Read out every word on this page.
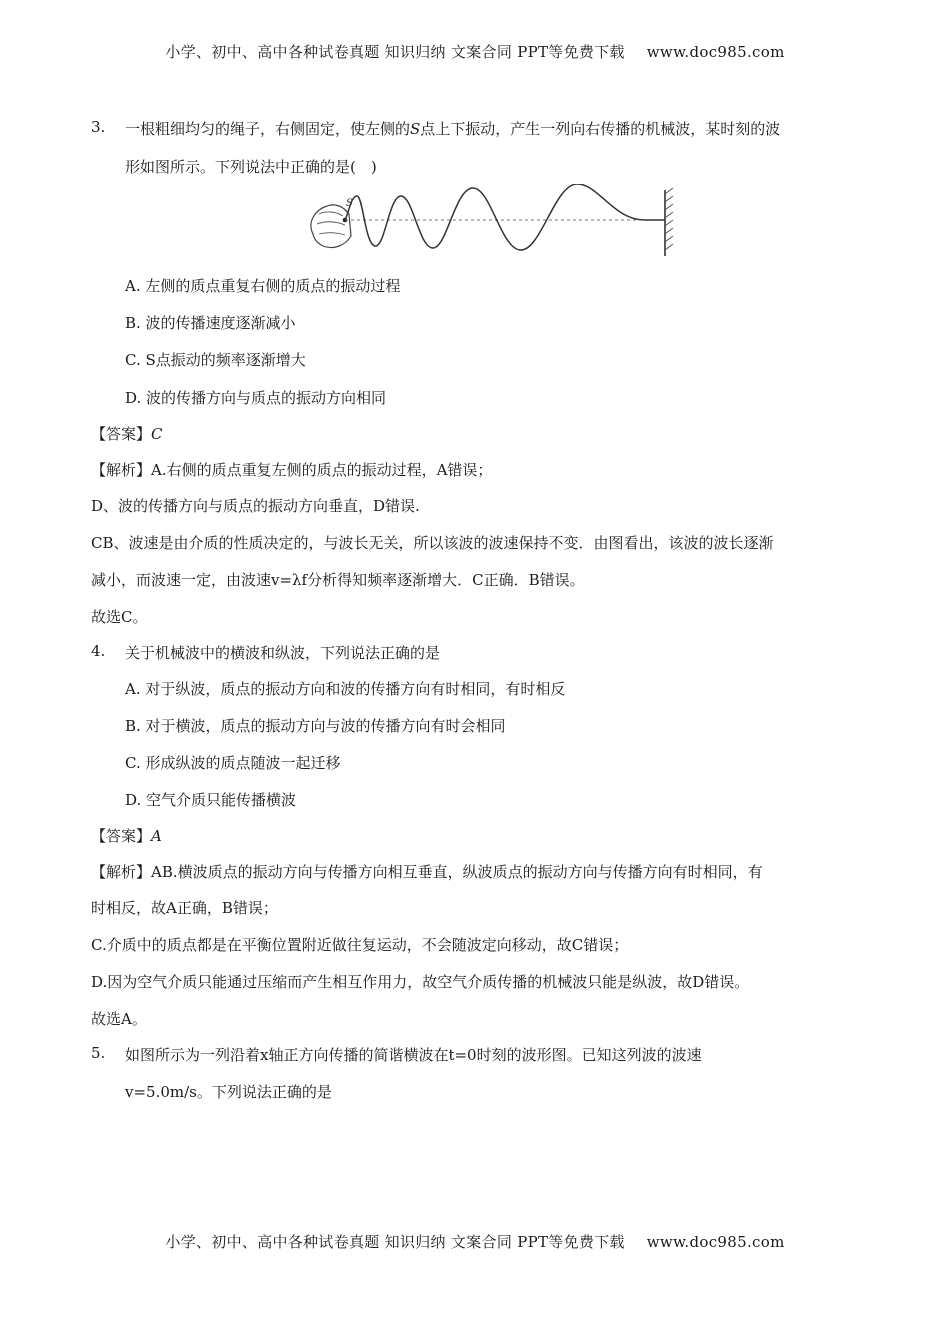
小学、初中、高中各种试卷真题 知识归纳 文案合同 PPT等免费下载 www.doc985.com
3. 一根粗细均匀的绳子，右侧固定，使左侧的S点上下振动，产生一列向右传播的机械波，某时刻的波
形如图所示。下列说法中正确的是(　)
S
A. 左侧的质点重复右侧的质点的振动过程
B. 波的传播速度逐渐减小
C. S点振动的频率逐渐增大
D. 波的传播方向与质点的振动方向相同
【答案】C
【解析】A.右侧的质点重复左侧的质点的振动过程，A错误；
D、波的传播方向与质点的振动方向垂直，D错误.
CB、波速是由介质的性质决定的，与波长无关，所以该波的波速保持不变．由图看出，该波的波长逐渐
减小，而波速一定，由波速v=λf分析得知频率逐渐增大．C正确．B错误。
故选C。
4. 关于机械波中的横波和纵波，下列说法正确的是
A. 对于纵波，质点的振动方向和波的传播方向有时相同，有时相反
B. 对于横波，质点的振动方向与波的传播方向有时会相同
C. 形成纵波的质点随波一起迁移
D. 空气介质只能传播横波
【答案】A
【解析】AB.横波质点的振动方向与传播方向相互垂直，纵波质点的振动方向与传播方向有时相同，有
时相反，故A正确，B错误；
C.介质中的质点都是在平衡位置附近做往复运动，不会随波定向移动，故C错误；
D.因为空气介质只能通过压缩而产生相互作用力，故空气介质传播的机械波只能是纵波，故D错误。
故选A。
5. 如图所示为一列沿着x轴正方向传播的简谐横波在t=0时刻的波形图。已知这列波的波速
v=5.0m/s。下列说法正确的是
小学、初中、高中各种试卷真题 知识归纳 文案合同 PPT等免费下载 www.doc985.com
